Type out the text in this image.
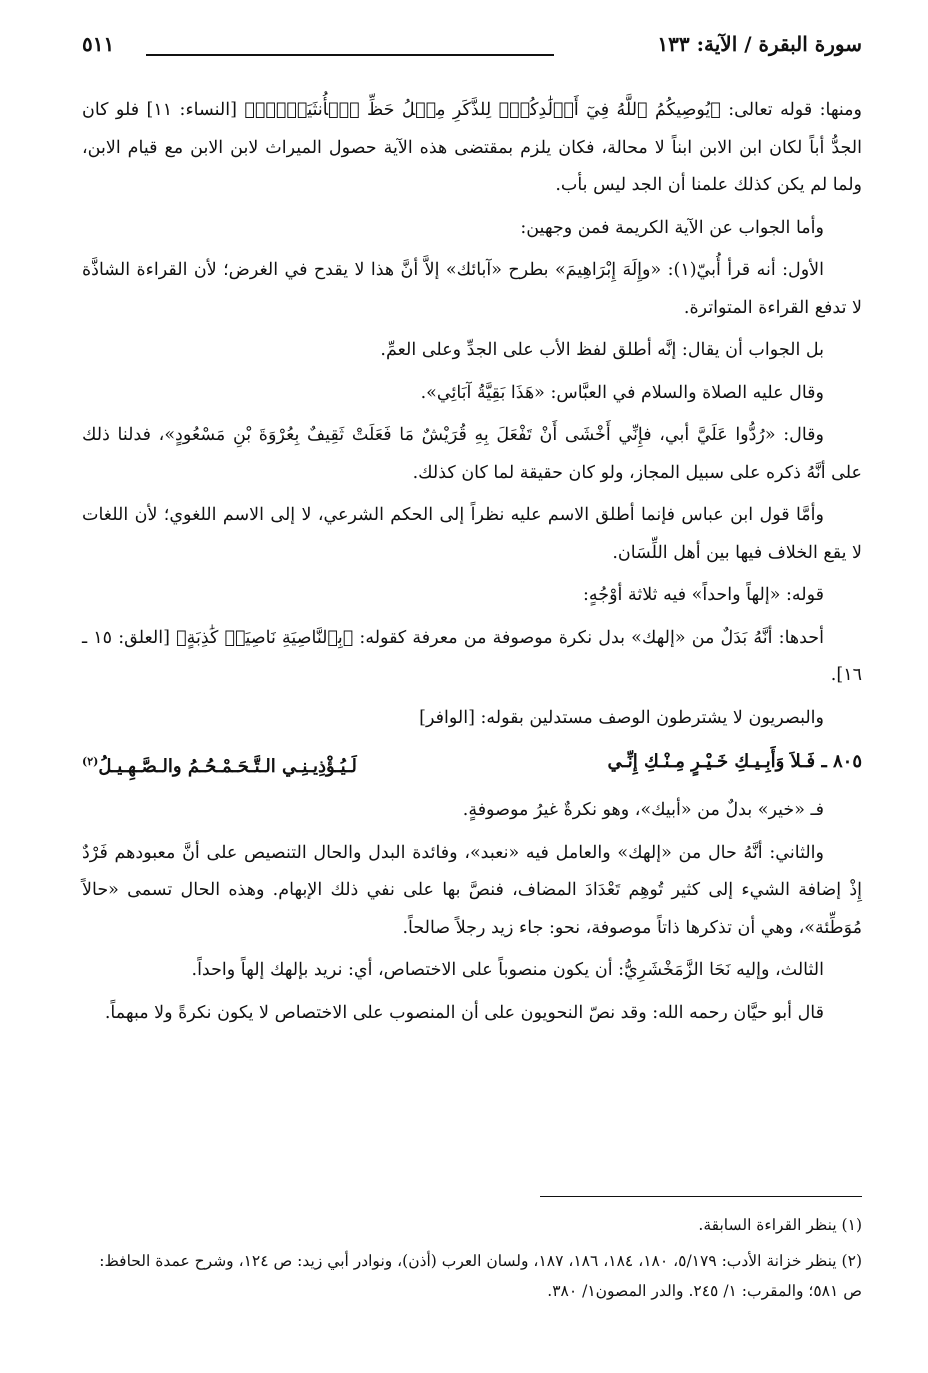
سورة البقرة / الآية: ١٣٣
٥١١

ومنها: قوله تعالى: ﴿يُوصِيكُمُ ٱللَّهُ فِيٓ أَوۡلَٰدِكُمۡۖ لِلذَّكَرِ مِثۡلُ حَظِّ ٱلۡأُنثَيَيۡنِۚ﴾ [النساء: ١١] فلو كان الجدُّ أباً لكان ابن الابن ابناً لا محالة، فكان يلزم بمقتضى هذه الآية حصول الميراث لابن الابن مع قيام الابن، ولما لم يكن كذلك علمنا أن الجد ليس بأب.

وأما الجواب عن الآية الكريمة فمن وجهين:

الأول: أنه قرأ أُبيّ(١): «وإِلَهَ إِبْرَاهِيمَ» بطرح «آبائك» إلاَّ أنَّ هذا لا يقدح في الغرض؛ لأن القراءة الشاذَّة لا تدفع القراءة المتواترة.

بل الجواب أن يقال: إنَّه أطلق لفظ الأب على الجدِّ وعلى العمِّ.

وقال عليه الصلاة والسلام في العبَّاس: «هَذَا بَقِيَّةُ آبَائِي».

وقال: «رُدُّوا عَلَيَّ أبي، فإِنِّي أَخْشَى أَنْ تَفْعَلَ بِهِ قُرَيْشٌ مَا فَعَلَتْ ثَقِيفٌ بِعُرْوَةَ بْنِ مَسْعُودٍ»، فدلنا ذلك على أنَّهُ ذكره على سبيل المجاز، ولو كان حقيقة لما كان كذلك.

وأمَّا قول ابن عباس فإنما أطلق الاسم عليه نظراً إلى الحكم الشرعي، لا إلى الاسم اللغوي؛ لأن اللغات لا يقع الخلاف فيها بين أهل اللِّسَان.

قوله: «إلهاً واحداً» فيه ثلاثة أوْجُهٍ:

أحدها: أنَّهُ بَدَلٌ من «إلهك» بدل نكرة موصوفة من معرفة كقوله: ﴿بِٱلنَّاصِيَةِ نَاصِيَةٖ كَٰذِبَةٍ﴾ [العلق: ١٥ ـ ١٦].

والبصريون لا يشترطون الوصف مستدلين بقوله: [الوافر]

٨٠٥ ـ فَـلاَ وَأَبِـيـكِ خَـيْـرٍ مِـنْـكِ إِنِّـي
لَـيُـؤْذِيـنِـي الـتَّـحَـمْـحُـمُ والـصَّـهِـيـلُ$^{(٢)}$

فـ «خير» بدلٌ من «أبيك»، وهو نكرةٌ غيرُ موصوفةٍ.

والثاني: أنَّهُ حال من «إلهك» والعامل فيه «نعبد»، وفائدة البدل والحال التنصيص على أنَّ معبودهم فَرْدٌ إِذْ إضافة الشيء إلى كثير تُوهِم تَعْدَادَ المضاف، فنصَّ بها على نفي ذلك الإبهام. وهذه الحال تسمى «حالاً مُوَطِّئة»، وهي أن تذكرها ذاتاً موصوفة، نحو: جاء زيد رجلاً صالحاً.

الثالث، وإليه نَحَا الزَّمَخْشَرِيُّ: أن يكون منصوباً على الاختصاص، أي: نريد بإلهك إلهاً واحداً.

قال أبو حيَّان رحمه الله: وقد نصّ النحويون على أن المنصوب على الاختصاص لا يكون نكرةً ولا مبهماً.

(١) ينظر القراءة السابقة.

(٢) ينظر خزانة الأدب: ٥/١٧٩، ١٨٠، ١٨٤، ١٨٦، ١٨٧، ولسان العرب (أذن)، ونوادر أبي زيد: ص ١٢٤، وشرح عمدة الحافظ: ص ٥٨١؛ والمقرب: ١/ ٢٤٥. والدر المصون١/ ٣٨٠.
